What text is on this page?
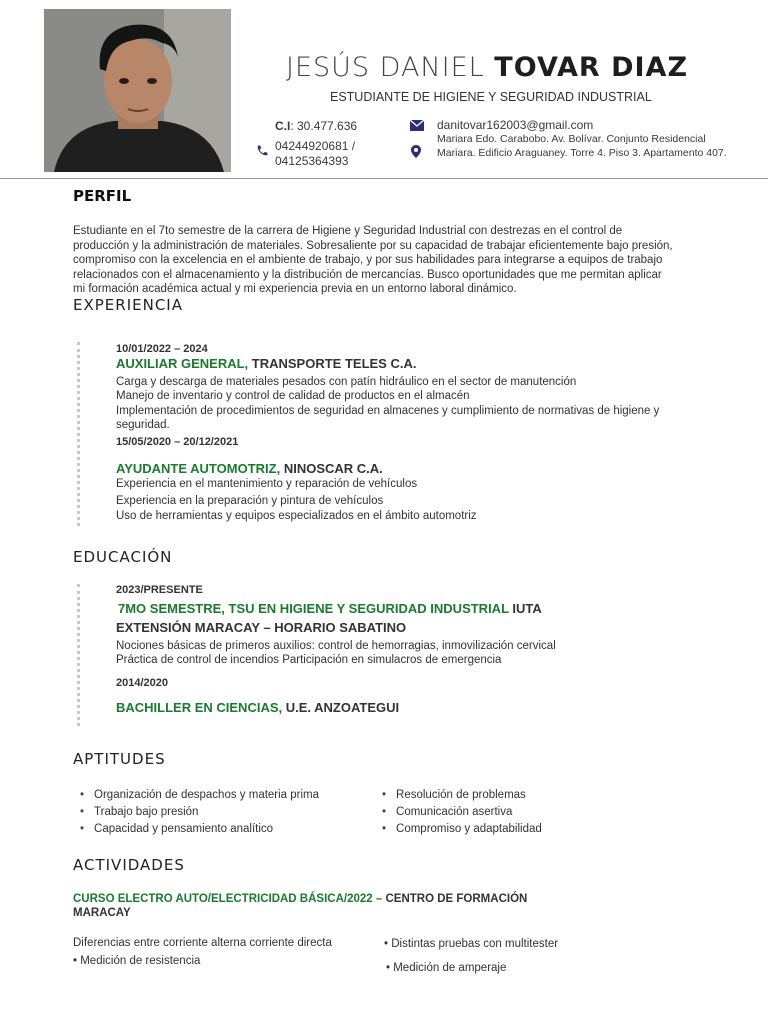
JESÚS DANIEL TOVAR DIAZ
ESTUDIANTE DE HIGIENE Y SEGURIDAD INDUSTRIAL
C.I: 30.477.636
04244920681 /
04125364393
danitovar162003@gmail.com
Mariara Edo. Carabobo. Av. Bolívar. Conjunto Residencial
Mariara. Edificio Araguaney. Torre 4. Piso 3. Apartamento 407.
PERFIL
Estudiante en el 7to semestre de la carrera de Higiene y Seguridad Industrial con destrezas en el control de
producción y la administración de materiales. Sobresaliente por su capacidad de trabajar eficientemente bajo presión,
compromiso con la excelencia en el ambiente de trabajo, y por sus habilidades para integrarse a equipos de trabajo
relacionados con el almacenamiento y la distribución de mercancías. Busco oportunidades que me permitan aplicar
mi formación académica actual y mi experiencia previa en un entorno laboral dinámico.
EXPERIENCIA
10/01/2022 – 2024
AUXILIAR GENERAL, TRANSPORTE TELES C.A.
Carga y descarga de materiales pesados con patín hidráulico en el sector de manutención
Manejo de inventario y control de calidad de productos en el almacén
Implementación de procedimientos de seguridad en almacenes y cumplimiento de normativas de higiene y
seguridad.
15/05/2020 – 20/12/2021
AYUDANTE AUTOMOTRIZ, NINOSCAR C.A.
Experiencia en el mantenimiento y reparación de vehículos
Experiencia en la preparación y pintura de vehículos
Uso de herramientas y equipos especializados en el ámbito automotriz
EDUCACIÓN
2023/PRESENTE
7MO SEMESTRE, TSU EN HIGIENE Y SEGURIDAD INDUSTRIAL IUTA
EXTENSIÓN MARACAY – HORARIO SABATINO
Nociones básicas de primeros auxilios: control de hemorragias, inmovilización cervical
Práctica de control de incendios Participación en simulacros de emergencia
2014/2020
BACHILLER EN CIENCIAS, U.E. ANZOATEGUI
APTITUDES
• Organización de despachos y materia prima
• Trabajo bajo presión
• Capacidad y pensamiento analítico
• Resolución de problemas
• Comunicación asertiva
• Compromiso y adaptabilidad
ACTIVIDADES
CURSO ELECTRO AUTO/ELECTRICIDAD BÁSICA/2022 – CENTRO DE FORMACIÓN
MARACAY
Diferencias entre corriente alterna corriente directa
• Medición de resistencia
• Distintas pruebas con multitester
• Medición de amperaje
